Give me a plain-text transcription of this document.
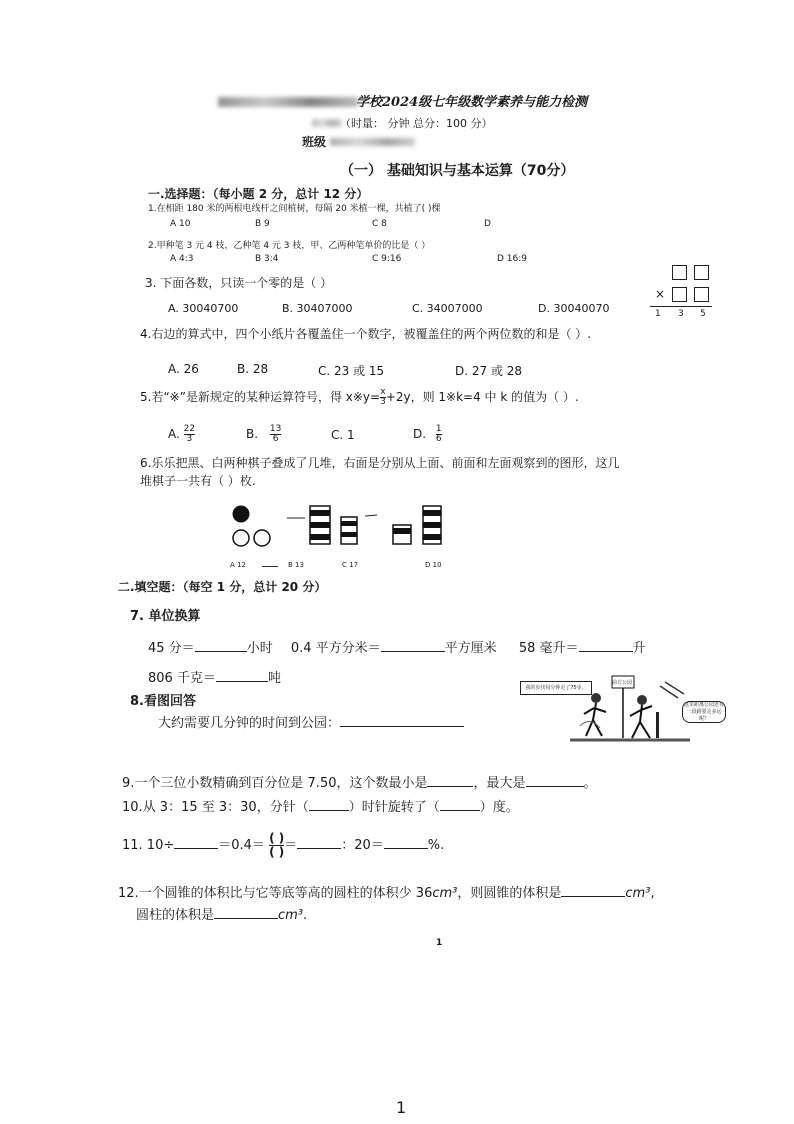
学校2024级七年级数学素养与能力检测
（时量： 分钟 总分：100 分）
班级
（一） 基础知识与基本运算（70分）
一.选择题：（每小题 2 分，总计 12 分）
1.在相距 180 米的两根电线杆之间植树，每隔 20 米植一棵，共植了( )棵
A 10	B 9	C 8	D
2.甲种笔 3 元 4 枝，乙种笔 4 元 3 枝，甲、乙两种笔单价的比是（ ）
A 4:3	B 3:4	C 9:16	D 16:9
3. 下面各数，只读一个零的是（ ）
A. 30040700	B. 30407000	C. 34007000	D. 30040070
×
1 3 5
4.右边的算式中，四个小纸片各覆盖住一个数字，被覆盖住的两个两位数的和是（ ）.
A. 26	B. 28	C. 23 或 15	D. 27 或 28
5.若“※”是新规定的某种运算符号，得 x※y= $\frac{x}{3} +2y$，则 1※k=4 中 k 的值为（ ）.
A. $\frac{22}{3}$	B. $\frac{13}{6}$	C. 1	D. $\frac{1}{6}$
6.乐乐把黑、白两种棋子叠成了几堆，右面是分别从上面、前面和左面观察到的图形，这几
堆棋子一共有（ ）枚.
A 12	B 13	C 17	D 10
二.填空题：（每空 1 分，总计 20 分）
7. 单位换算
45 分＝	小时 0.4 平方分米＝	平方厘米 58 毫升＝	升
806 千克＝	吨
8.看图回答
大约需要几分钟的时间到公园：
我的步伐每分钟走了75步。
前方公园
这里距离公园还有一段路要走多远呢？
9.一个三位小数精确到百分位是 7.50，这个数最小是	，最大是	。
10.从 3：15 至 3：30，分针（	）时针旋转了（	）度。
11. 10÷	$=0.4= \frac{( )}{( )}$ ＝	：20＝	%.
12.一个圆锥的体积比与它等底等高的圆柱的体积少 36cm³，则圆锥的体积是	cm³,
圆柱的体积是	cm³.
1
1
